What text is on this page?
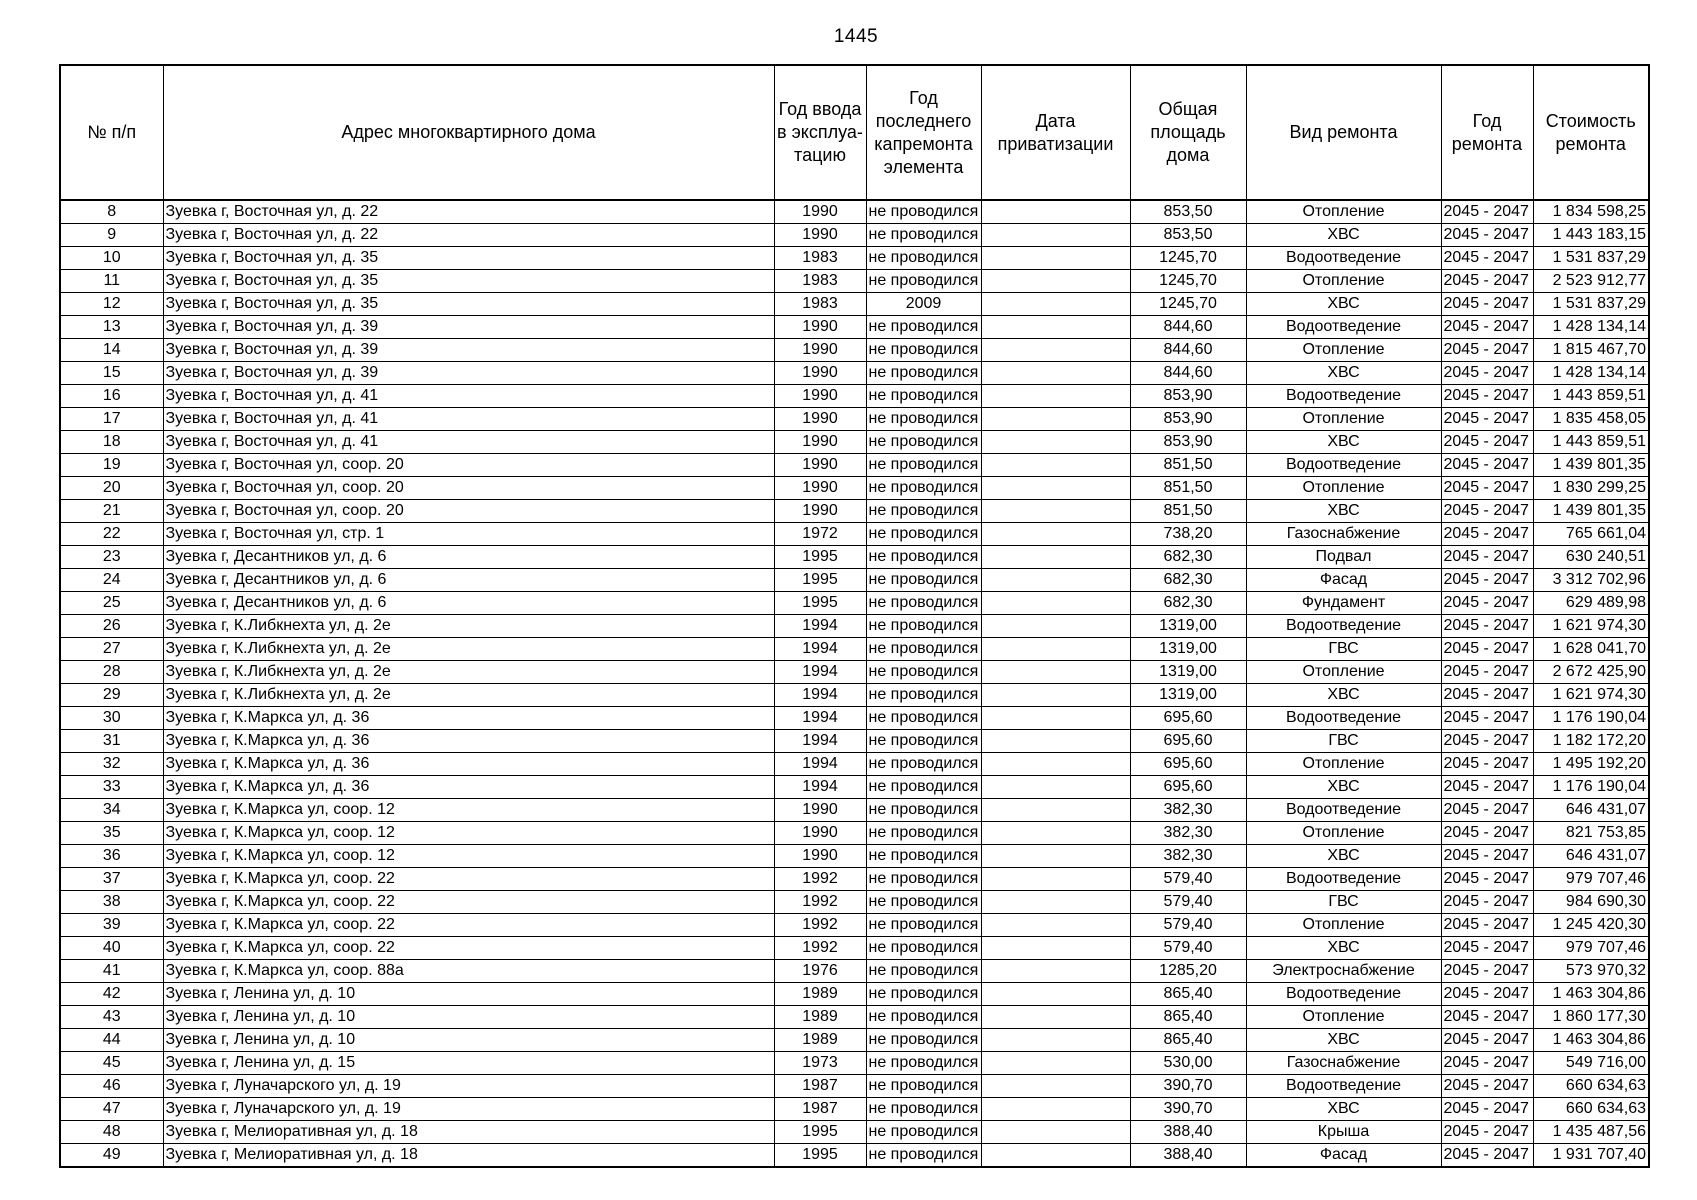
1445
№ п/п	Адрес многоквартирного дома	Год ввода в эксплуа-тацию	Год последнего капремонта элемента	Дата приватизации	Общая площадь дома	Вид ремонта	Год ремонта	Стоимость ремонта
8	Зуевка г, Восточная ул, д. 22	1990	не проводился		853,50	Отопление	2045 - 2047	1 834 598,25
9	Зуевка г, Восточная ул, д. 22	1990	не проводился		853,50	ХВС	2045 - 2047	1 443 183,15
10	Зуевка г, Восточная ул, д. 35	1983	не проводился		1245,70	Водоотведение	2045 - 2047	1 531 837,29
11	Зуевка г, Восточная ул, д. 35	1983	не проводился		1245,70	Отопление	2045 - 2047	2 523 912,77
12	Зуевка г, Восточная ул, д. 35	1983	2009		1245,70	ХВС	2045 - 2047	1 531 837,29
13	Зуевка г, Восточная ул, д. 39	1990	не проводился		844,60	Водоотведение	2045 - 2047	1 428 134,14
14	Зуевка г, Восточная ул, д. 39	1990	не проводился		844,60	Отопление	2045 - 2047	1 815 467,70
15	Зуевка г, Восточная ул, д. 39	1990	не проводился		844,60	ХВС	2045 - 2047	1 428 134,14
16	Зуевка г, Восточная ул, д. 41	1990	не проводился		853,90	Водоотведение	2045 - 2047	1 443 859,51
17	Зуевка г, Восточная ул, д. 41	1990	не проводился		853,90	Отопление	2045 - 2047	1 835 458,05
18	Зуевка г, Восточная ул, д. 41	1990	не проводился		853,90	ХВС	2045 - 2047	1 443 859,51
19	Зуевка г, Восточная ул, соор. 20	1990	не проводился		851,50	Водоотведение	2045 - 2047	1 439 801,35
20	Зуевка г, Восточная ул, соор. 20	1990	не проводился		851,50	Отопление	2045 - 2047	1 830 299,25
21	Зуевка г, Восточная ул, соор. 20	1990	не проводился		851,50	ХВС	2045 - 2047	1 439 801,35
22	Зуевка г, Восточная ул, стр. 1	1972	не проводился		738,20	Газоснабжение	2045 - 2047	765 661,04
23	Зуевка г, Десантников ул, д. 6	1995	не проводился		682,30	Подвал	2045 - 2047	630 240,51
24	Зуевка г, Десантников ул, д. 6	1995	не проводился		682,30	Фасад	2045 - 2047	3 312 702,96
25	Зуевка г, Десантников ул, д. 6	1995	не проводился		682,30	Фундамент	2045 - 2047	629 489,98
26	Зуевка г, К.Либкнехта ул, д. 2е	1994	не проводился		1319,00	Водоотведение	2045 - 2047	1 621 974,30
27	Зуевка г, К.Либкнехта ул, д. 2е	1994	не проводился		1319,00	ГВС	2045 - 2047	1 628 041,70
28	Зуевка г, К.Либкнехта ул, д. 2е	1994	не проводился		1319,00	Отопление	2045 - 2047	2 672 425,90
29	Зуевка г, К.Либкнехта ул, д. 2е	1994	не проводился		1319,00	ХВС	2045 - 2047	1 621 974,30
30	Зуевка г, К.Маркса ул, д. 36	1994	не проводился		695,60	Водоотведение	2045 - 2047	1 176 190,04
31	Зуевка г, К.Маркса ул, д. 36	1994	не проводился		695,60	ГВС	2045 - 2047	1 182 172,20
32	Зуевка г, К.Маркса ул, д. 36	1994	не проводился		695,60	Отопление	2045 - 2047	1 495 192,20
33	Зуевка г, К.Маркса ул, д. 36	1994	не проводился		695,60	ХВС	2045 - 2047	1 176 190,04
34	Зуевка г, К.Маркса ул, соор. 12	1990	не проводился		382,30	Водоотведение	2045 - 2047	646 431,07
35	Зуевка г, К.Маркса ул, соор. 12	1990	не проводился		382,30	Отопление	2045 - 2047	821 753,85
36	Зуевка г, К.Маркса ул, соор. 12	1990	не проводился		382,30	ХВС	2045 - 2047	646 431,07
37	Зуевка г, К.Маркса ул, соор. 22	1992	не проводился		579,40	Водоотведение	2045 - 2047	979 707,46
38	Зуевка г, К.Маркса ул, соор. 22	1992	не проводился		579,40	ГВС	2045 - 2047	984 690,30
39	Зуевка г, К.Маркса ул, соор. 22	1992	не проводился		579,40	Отопление	2045 - 2047	1 245 420,30
40	Зуевка г, К.Маркса ул, соор. 22	1992	не проводился		579,40	ХВС	2045 - 2047	979 707,46
41	Зуевка г, К.Маркса ул, соор. 88а	1976	не проводился		1285,20	Электроснабжение	2045 - 2047	573 970,32
42	Зуевка г, Ленина ул, д. 10	1989	не проводился		865,40	Водоотведение	2045 - 2047	1 463 304,86
43	Зуевка г, Ленина ул, д. 10	1989	не проводился		865,40	Отопление	2045 - 2047	1 860 177,30
44	Зуевка г, Ленина ул, д. 10	1989	не проводился		865,40	ХВС	2045 - 2047	1 463 304,86
45	Зуевка г, Ленина ул, д. 15	1973	не проводился		530,00	Газоснабжение	2045 - 2047	549 716,00
46	Зуевка г, Луначарского ул, д. 19	1987	не проводился		390,70	Водоотведение	2045 - 2047	660 634,63
47	Зуевка г, Луначарского ул, д. 19	1987	не проводился		390,70	ХВС	2045 - 2047	660 634,63
48	Зуевка г, Мелиоративная ул, д. 18	1995	не проводился		388,40	Крыша	2045 - 2047	1 435 487,56
49	Зуевка г, Мелиоративная ул, д. 18	1995	не проводился		388,40	Фасад	2045 - 2047	1 931 707,40
